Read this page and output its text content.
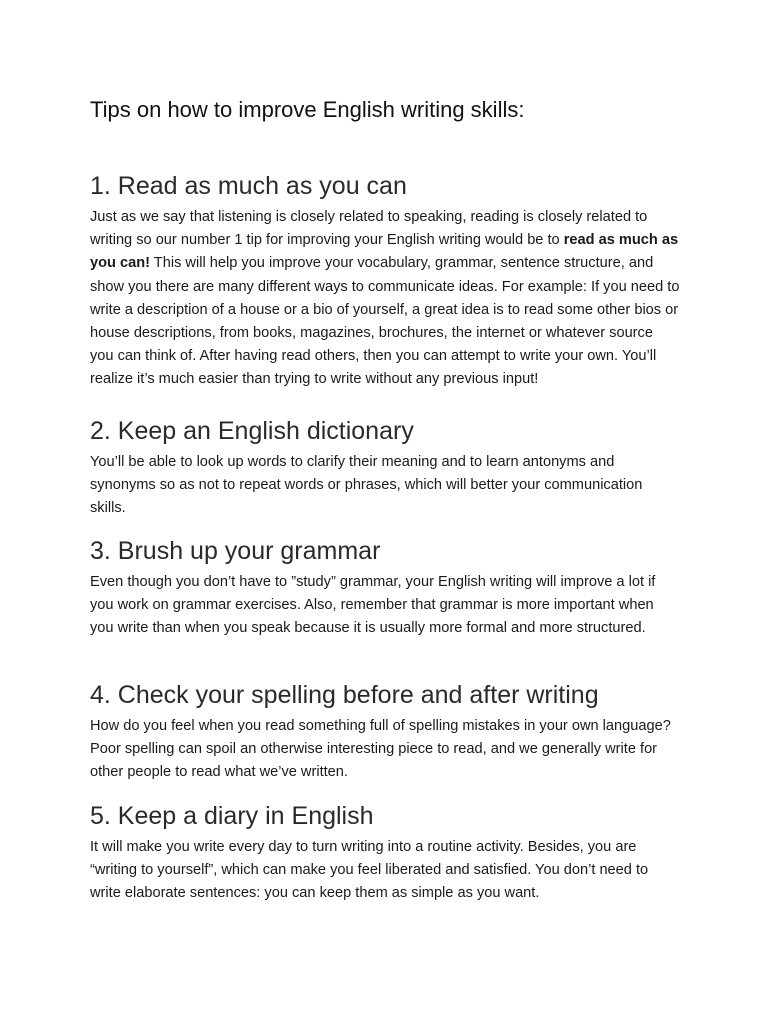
Tips on how to improve English writing skills:
1. Read as much as you can

Just as we say that listening is closely related to speaking, reading is closely related to writing so our number 1 tip for improving your English writing would be to read as much as you can! This will help you improve your vocabulary, grammar, sentence structure, and show you there are many different ways to communicate ideas. For example: If you need to write a description of a house or a bio of yourself, a great idea is to read some other bios or house descriptions, from books, magazines, brochures, the internet or whatever source you can think of. After having read others, then you can attempt to write your own. You’ll realize it’s much easier than trying to write without any previous input!

2. Keep an English dictionary

You’ll be able to look up words to clarify their meaning and to learn antonyms and synonyms so as not to repeat words or phrases, which will better your communication skills.

3. Brush up your grammar

Even though you don’t have to ”study” grammar, your English writing will improve a lot if you work on grammar exercises. Also, remember that grammar is more important when you write than when you speak because it is usually more formal and more structured.

4. Check your spelling before and after writing

How do you feel when you read something full of spelling mistakes in your own language? Poor spelling can spoil an otherwise interesting piece to read, and we generally write for other people to read what we’ve written.

5. Keep a diary in English

It will make you write every day to turn writing into a routine activity. Besides, you are “writing to yourself”, which can make you feel liberated and satisfied. You don’t need to write elaborate sentences: you can keep them as simple as you want.
